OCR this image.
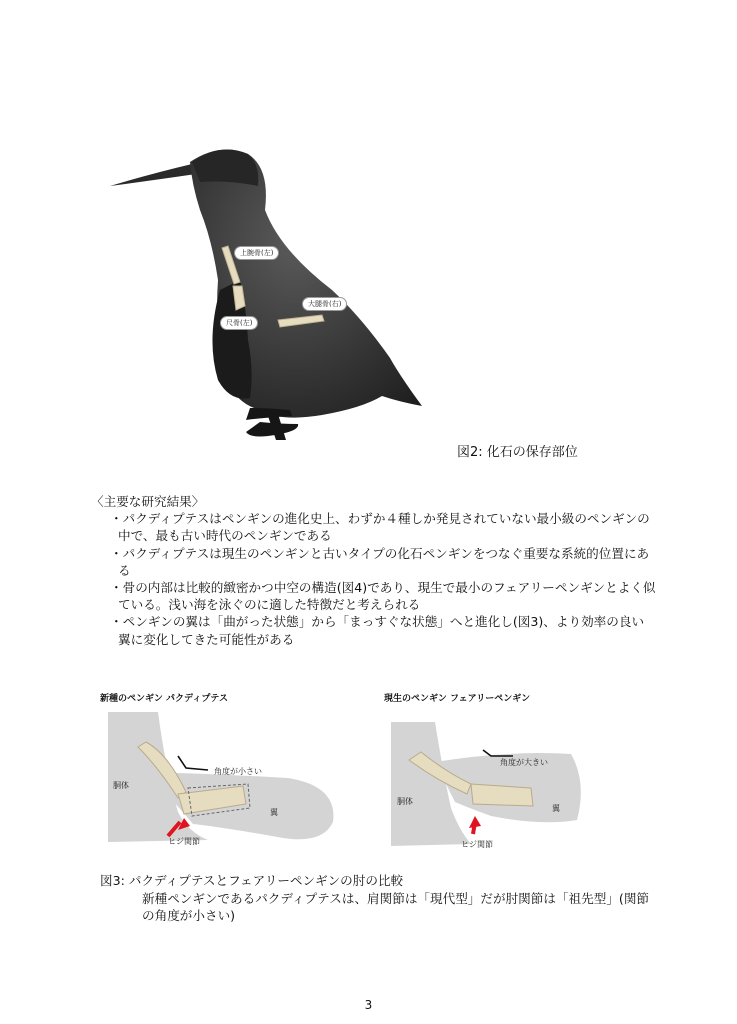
上腕骨(左)
尺骨(左)
大腿骨(右)
図2: 化石の保存部位
〈主要な研究結果〉
・パクディプテスはペンギンの進化史上、わずか４種しか発見されていない最小級のペンギンの中で、最も古い時代のペンギンである
・パクディプテスは現生のペンギンと古いタイプの化石ペンギンをつなぐ重要な系統的位置にある
・骨の内部は比較的緻密かつ中空の構造(図4)であり、現生で最小のフェアリーペンギンとよく似ている。浅い海を泳ぐのに適した特徴だと考えられる
・ペンギンの翼は「曲がった状態」から「まっすぐな状態」へと進化し(図3)、より効率の良い翼に変化してきた可能性がある
新種のペンギン パクディプテス
胴体
角度が小さい
ヒジ関節
翼
現生のペンギン フェアリーペンギン
胴体
角度が大きい
ヒジ関節
翼
図3: パクディプテスとフェアリーペンギンの肘の比較
新種ペンギンであるパクディプテスは、肩関節は「現代型」だが肘関節は「祖先型」(関節の角度が小さい)
3
